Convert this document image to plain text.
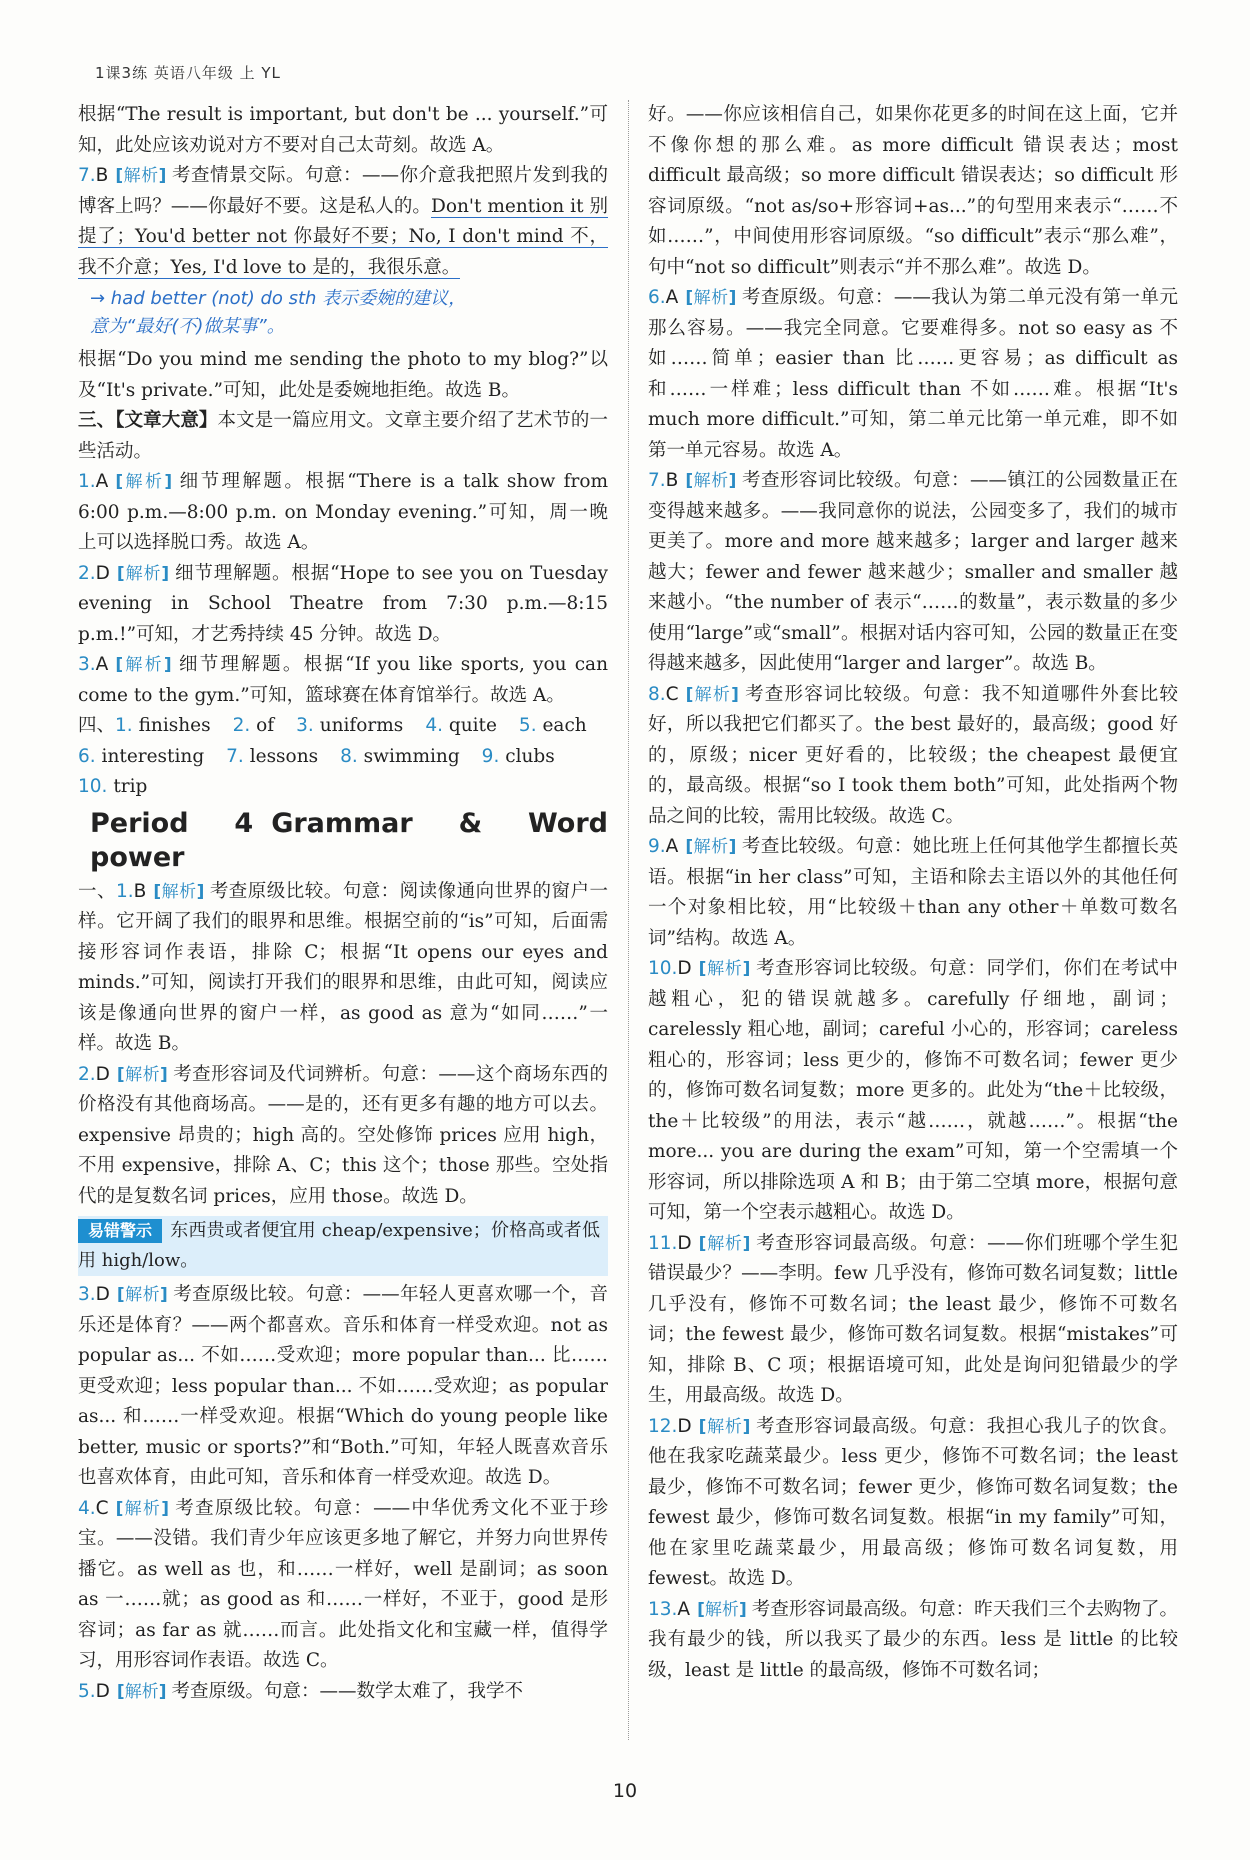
1课3练 英语八年级 上 YL

根据“The result is important, but don't be ... yourself.”可知，此处应该劝说对方不要对自己太苛刻。故选 A。

7.B [解析] 考查情景交际。句意：——你介意我把照片发到我的博客上吗？——你最好不要。这是私人的。Don't mention it 别提了；You'd better not 你最好不要；No, I don't mind 不，我不介意；Yes, I'd love to 是的，我很乐意。

→ had better (not) do sth 表示委婉的建议，
意为“最好(不)做某事”。

根据“Do you mind me sending the photo to my blog?”以及“It's private.”可知，此处是委婉地拒绝。故选 B。

三、【文章大意】本文是一篇应用文。文章主要介绍了艺术节的一些活动。

1.A [解析] 细节理解题。根据“There is a talk show from 6:00 p.m.—8:00 p.m. on Monday evening.”可知，周一晚上可以选择脱口秀。故选 A。

2.D [解析] 细节理解题。根据“Hope to see you on Tuesday evening in School Theatre from 7:30 p.m.—8:15 p.m.!”可知，才艺秀持续 45 分钟。故选 D。

3.A [解析] 细节理解题。根据“If you like sports, you can come to the gym.”可知，篮球赛在体育馆举行。故选 A。

四、 1. finishes 2. of 3. uniforms 4. quite 5. each
6. interesting 7. lessons 8. swimming 9. clubs
10. trip
Period 4 Grammar & Word power

一、1.B [解析] 考查原级比较。句意：阅读像通向世界的窗户一样。它开阔了我们的眼界和思维。根据空前的“is”可知，后面需接形容词作表语，排除 C；根据“It opens our eyes and minds.”可知，阅读打开我们的眼界和思维，由此可知，阅读应该是像通向世界的窗户一样，as good as 意为“如同……”一样。故选 B。

2.D [解析] 考查形容词及代词辨析。句意：——这个商场东西的价格没有其他商场高。——是的，还有更多有趣的地方可以去。expensive 昂贵的；high 高的。空处修饰 prices 应用 high，不用 expensive，排除 A、C；this 这个；those 那些。空处指代的是复数名词 prices，应用 those。故选 D。

易错警示 东西贵或者便宜用 cheap/expensive；价格高或者低用 high/low。

3.D [解析] 考查原级比较。句意：——年轻人更喜欢哪一个，音乐还是体育？——两个都喜欢。音乐和体育一样受欢迎。not as popular as... 不如……受欢迎；more popular than... 比……更受欢迎；less popular than... 不如……受欢迎；as popular as... 和……一样受欢迎。根据“Which do young people like better, music or sports?”和“Both.”可知，年轻人既喜欢音乐也喜欢体育，由此可知，音乐和体育一样受欢迎。故选 D。

4.C [解析] 考查原级比较。句意：——中华优秀文化不亚于珍宝。——没错。我们青少年应该更多地了解它，并努力向世界传播它。as well as 也，和……一样好，well 是副词；as soon as 一……就；as good as 和……一样好，不亚于，good 是形容词；as far as 就……而言。此处指文化和宝藏一样，值得学习，用形容词作表语。故选 C。

5.D [解析] 考查原级。句意：——数学太难了，我学不

好。——你应该相信自己，如果你花更多的时间在这上面，它并不像你想的那么难。as more difficult 错误表达；most difficult 最高级；so more difficult 错误表达；so difficult 形容词原级。“not as/so+形容词+as...”的句型用来表示“……不如……”，中间使用形容词原级。“so difficult”表示“那么难”，句中“not so difficult”则表示“并不那么难”。故选 D。

6.A [解析] 考查原级。句意：——我认为第二单元没有第一单元那么容易。——我完全同意。它要难得多。not so easy as 不如……简单；easier than 比……更容易；as difficult as 和……一样难；less difficult than 不如……难。根据“It's much more difficult.”可知，第二单元比第一单元难，即不如第一单元容易。故选 A。

7.B [解析] 考查形容词比较级。句意：——镇江的公园数量正在变得越来越多。——我同意你的说法，公园变多了，我们的城市更美了。more and more 越来越多；larger and larger 越来越大；fewer and fewer 越来越少；smaller and smaller 越来越小。“the number of 表示“……的数量”，表示数量的多少使用“large”或“small”。根据对话内容可知，公园的数量正在变得越来越多，因此使用“larger and larger”。故选 B。

8.C [解析] 考查形容词比较级。句意：我不知道哪件外套比较好，所以我把它们都买了。the best 最好的，最高级；good 好的，原级；nicer 更好看的，比较级；the cheapest 最便宜的，最高级。根据“so I took them both”可知，此处指两个物品之间的比较，需用比较级。故选 C。

9.A [解析] 考查比较级。句意：她比班上任何其他学生都擅长英语。根据“in her class”可知，主语和除去主语以外的其他任何一个对象相比较，用“比较级＋than any other＋单数可数名词”结构。故选 A。

10.D [解析] 考查形容词比较级。句意：同学们，你们在考试中越粗心，犯的错误就越多。carefully 仔细地，副词；carelessly 粗心地，副词；careful 小心的，形容词；careless 粗心的，形容词；less 更少的，修饰不可数名词；fewer 更少的，修饰可数名词复数；more 更多的。此处为“the＋比较级，the＋比较级”的用法，表示“越……，就越……”。根据“the more... you are during the exam”可知，第一个空需填一个形容词，所以排除选项 A 和 B；由于第二空填 more，根据句意可知，第一个空表示越粗心。故选 D。

11.D [解析] 考查形容词最高级。句意：——你们班哪个学生犯错误最少？——李明。few 几乎没有，修饰可数名词复数；little 几乎没有，修饰不可数名词；the least 最少，修饰不可数名词；the fewest 最少，修饰可数名词复数。根据“mistakes”可知，排除 B、C 项；根据语境可知，此处是询问犯错最少的学生，用最高级。故选 D。

12.D [解析] 考查形容词最高级。句意：我担心我儿子的饮食。他在我家吃蔬菜最少。less 更少，修饰不可数名词；the least 最少，修饰不可数名词；fewer 更少，修饰可数名词复数；the fewest 最少，修饰可数名词复数。根据“in my family”可知，他在家里吃蔬菜最少，用最高级；修饰可数名词复数，用 fewest。故选 D。

13.A [解析] 考查形容词最高级。句意：昨天我们三个去购物了。我有最少的钱，所以我买了最少的东西。less 是 little 的比较级，least 是 little 的最高级，修饰不可数名词；

10
